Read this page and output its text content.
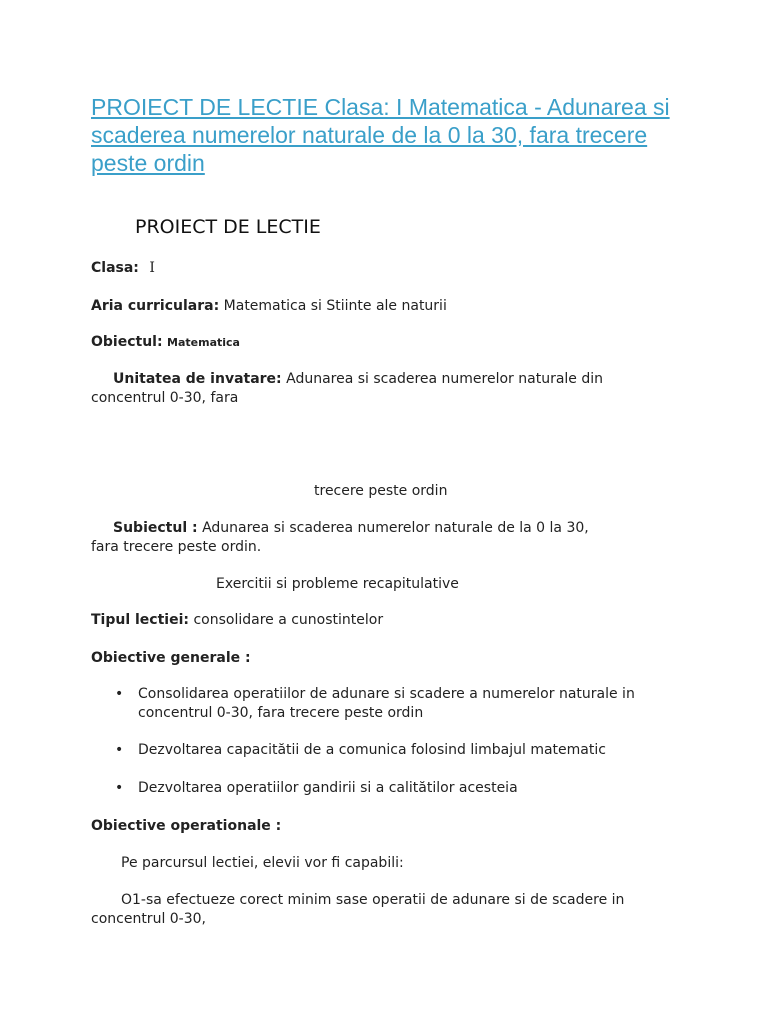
PROIECT DE LECTIE Clasa: I Matematica - Adunarea si scaderea numerelor naturale de la 0 la 30, fara trecere peste ordin
PROIECT DE LECTIE
Clasa: I
Aria curriculara: Matematica si Stiinte ale naturii
Obiectul: Matematica
Unitatea de invatare: Adunarea si scaderea numerelor naturale din
concentrul 0-30, fara
trecere peste ordin
Subiectul : Adunarea si scaderea numerelor naturale de la 0 la 30,
fara trecere peste ordin.
Exercitii si probleme recapitulative
Tipul lectiei: consolidare a cunostintelor
Obiective generale :
• Consolidarea operatiilor de adunare si scadere a numerelor naturale in concentrul 0-30, fara trecere peste ordin
• Dezvoltarea capacitătii de a comunica folosind limbajul matematic
• Dezvoltarea operatiilor gandirii si a calitătilor acesteia
Obiective operationale :
Pe parcursul lectiei, elevii vor fi capabili:
O1-sa efectueze corect minim sase operatii de adunare si de scadere in
concentrul 0-30,
